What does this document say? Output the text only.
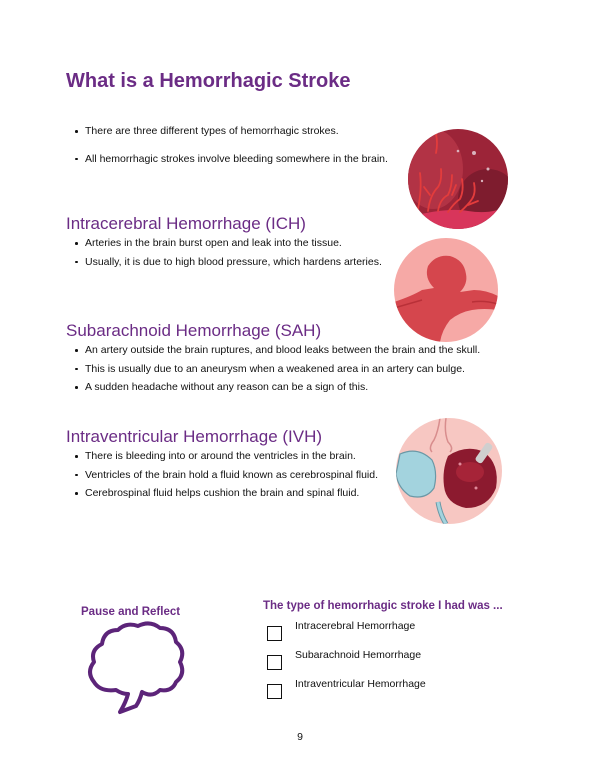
What is a Hemorrhagic Stroke
There are three different types of hemorrhagic strokes.
All hemorrhagic strokes involve bleeding somewhere in the brain.
Intracerebral Hemorrhage (ICH)
Arteries in the brain burst open and leak into the tissue.
Usually, it is due to high blood pressure, which hardens arteries.
Subarachnoid Hemorrhage (SAH)
An artery outside the brain ruptures, and blood leaks between the brain and the skull.
This is usually due to an aneurysm when a weakened area in an artery can bulge.
A sudden headache without any reason can be a sign of this.
Intraventricular Hemorrhage (IVH)
There is bleeding into or around the ventricles in the brain.
Ventricles of the brain hold a fluid known as cerebrospinal fluid.
Cerebrospinal fluid helps cushion the brain and spinal fluid.
Pause and Reflect	The type of hemorrhagic stroke I had was ...
Intracerebral Hemorrhage
Subarachnoid Hemorrhage
Intraventricular Hemorrhage
9
